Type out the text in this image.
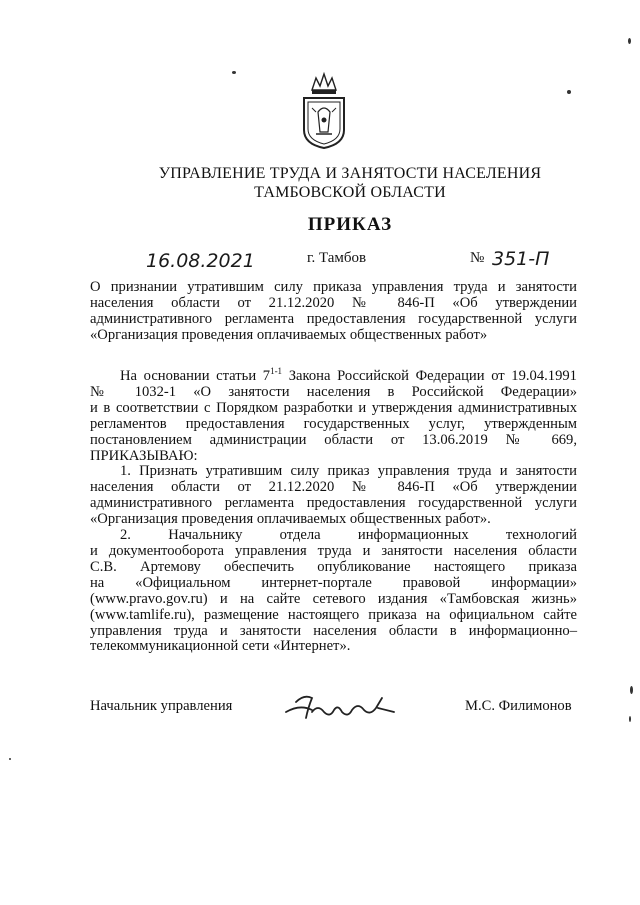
УПРАВЛЕНИЕ ТРУДА И ЗАНЯТОСТИ НАСЕЛЕНИЯ
ТАМБОВСКОЙ ОБЛАСТИ
ПРИКАЗ
16.08.2021	г. Тамбов	№ 351-П
О признании утратившим силу приказа управления труда и занятости
населения области от 21.12.2020 № 846-П «Об утверждении
административного регламента предоставления государственной услуги
«Организация проведения оплачиваемых общественных работ»
На основании статьи 7$^{1-1}$ Закона Российской Федерации от 19.04.1991
№ 1032-1 «О занятости населения в Российской Федерации»
и в соответствии с Порядком разработки и утверждения административных
регламентов предоставления государственных услуг, утвержденным
постановлением администрации области от 13.06.2019 № 669,
ПРИКАЗЫВАЮ:
1. Признать утратившим силу приказ управления труда и занятости
населения области от 21.12.2020 № 846-П «Об утверждении
административного регламента предоставления государственной услуги
«Организация проведения оплачиваемых общественных работ».
2. Начальнику отдела информационных технологий
и документооборота управления труда и занятости населения области
С.В. Артемову обеспечить опубликование настоящего приказа
на «Официальном интернет-портале правовой информации»
(www.pravo.gov.ru) и на сайте сетевого издания «Тамбовская жизнь»
(www.tamlife.ru), размещение настоящего приказа на официальном сайте
управления труда и занятости населения области в информационно–
телекоммуникационной сети «Интернет».
Начальник управления	М.С. Филимонов
